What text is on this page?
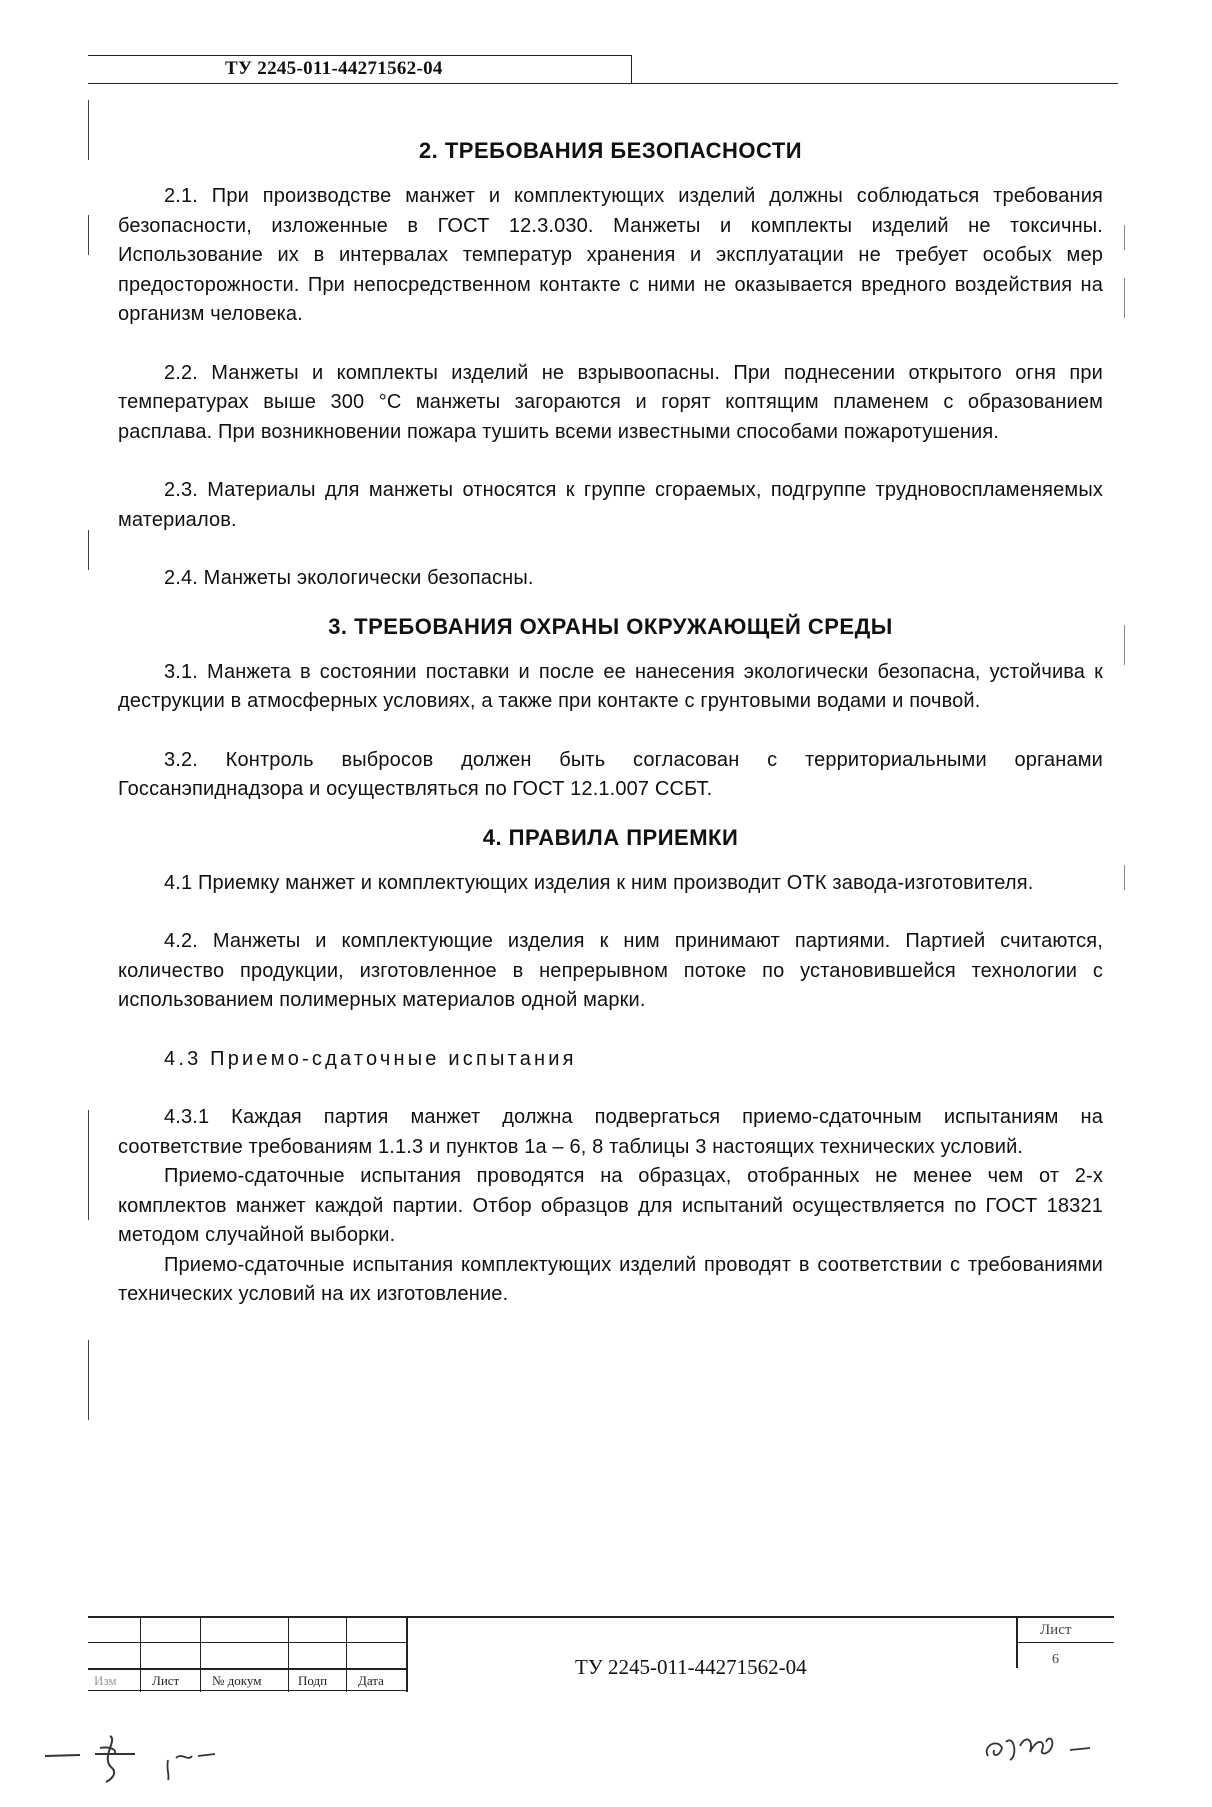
ТУ 2245-011-44271562-04
2. ТРЕБОВАНИЯ БЕЗОПАСНОСТИ

2.1. При производстве манжет и комплектующих изделий должны соблюдаться требования безопасности, изложенные в ГОСТ 12.3.030. Манжеты и комплекты изделий не токсичны. Использование их в интервалах температур хранения и эксплуатации не требует особых мер предосторожности. При непосредственном контакте с ними не оказывается вредного воздействия на организм человека.

2.2. Манжеты и комплекты изделий не взрывоопасны. При поднесении открытого огня при температурах выше 300 °С манжеты загораются и горят коптящим пламенем с образованием расплава. При возникновении пожара тушить всеми известными способами пожаротушения.

2.3. Материалы для манжеты относятся к группе сгораемых, подгруппе трудновоспламеняемых материалов.

2.4. Манжеты экологически безопасны.

3. ТРЕБОВАНИЯ ОХРАНЫ ОКРУЖАЮЩЕЙ СРЕДЫ

3.1. Манжета в состоянии поставки и после ее нанесения экологически безопасна, устойчива к деструкции в атмосферных условиях, а также при контакте с грунтовыми водами и почвой.

3.2. Контроль выбросов должен быть согласован с территориальными органами Госсанэпиднадзора и осуществляться по ГОСТ 12.1.007 ССБТ.

4. ПРАВИЛА ПРИЕМКИ

4.1 Приемку манжет и комплектующих изделия к ним производит ОТК завода-изготовителя.

4.2. Манжеты и комплектующие изделия к ним принимают партиями. Партией считаются, количество продукции, изготовленное в непрерывном потоке по установившейся технологии с использованием полимерных материалов одной марки.

4.3 Приемо-сдаточные испытания

4.3.1 Каждая партия манжет должна подвергаться приемо-сдаточным испытаниям на соответствие требованиям 1.1.3 и пунктов 1а – 6, 8 таблицы 3 настоящих технических условий.

Приемо-сдаточные испытания проводятся на образцах, отобранных не менее чем от 2-х комплектов манжет каждой партии. Отбор образцов для испытаний осуществляется по ГОСТ 18321 методом случайной выборки.

Приемо-сдаточные испытания комплектующих изделий проводят в соответствии с требованиями технических условий на их изготовление.

Изм	Лист	№ докум	Подп Дата
ТУ 2245-011-44271562-04
Лист
6
